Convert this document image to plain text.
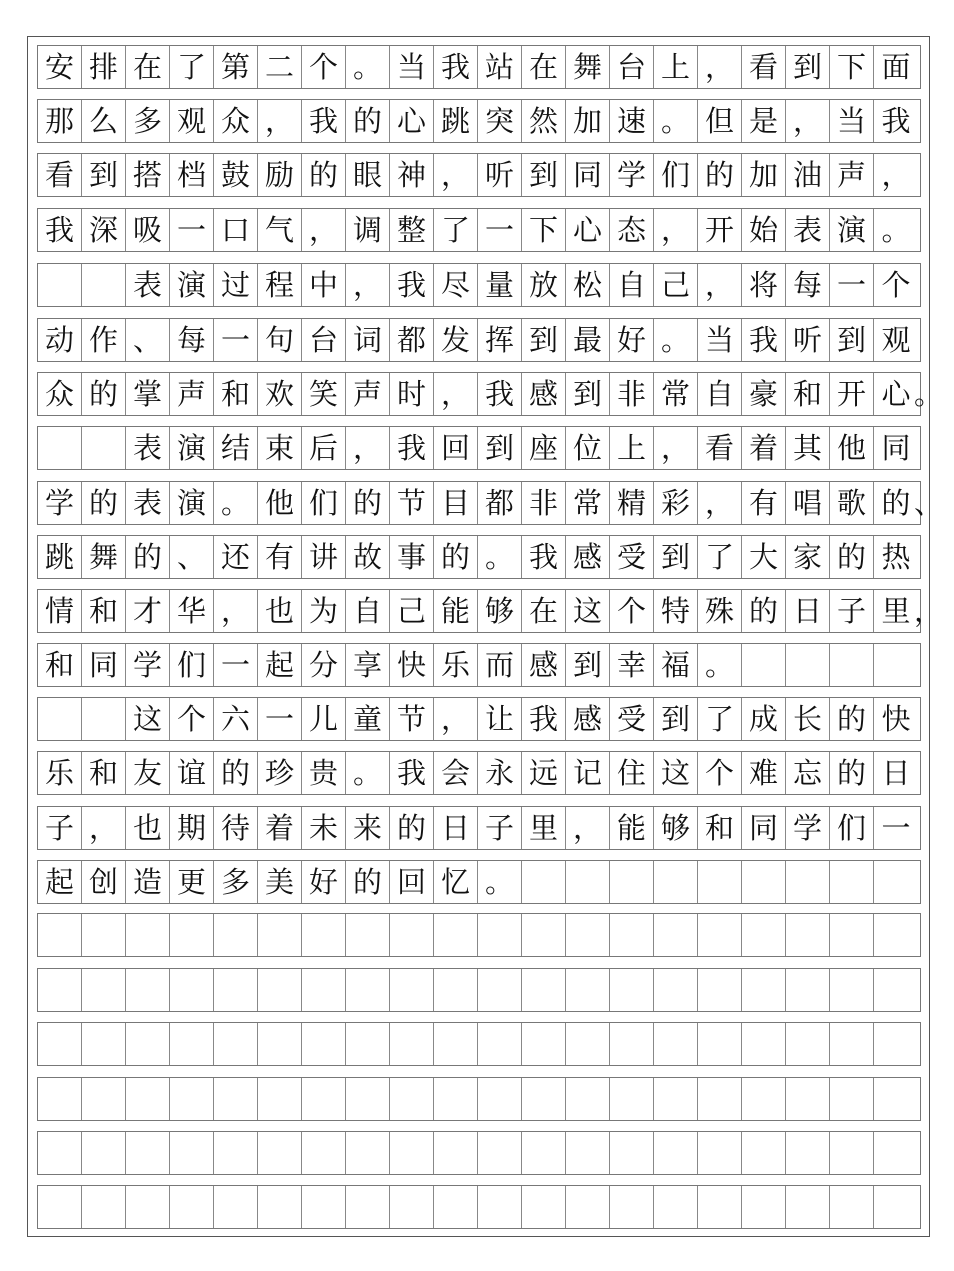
安 排 在 了 第 二 个 。 当 我 站 在 舞 台 上 ， 看 到 下 面
那 么 多 观 众 ， 我 的 心 跳 突 然 加 速 。 但 是 ， 当 我
看 到 搭 档 鼓 励 的 眼 神 ， 听 到 同 学 们 的 加 油 声 ，
我 深 吸 一 口 气 ， 调 整 了 一 下 心 态 ， 开 始 表 演 。
表 演 过 程 中 ， 我 尽 量 放 松 自 己 ， 将 每 一 个
动 作 、 每 一 句 台 词 都 发 挥 到 最 好 。 当 我 听 到 观
众 的 掌 声 和 欢 笑 声 时 ， 我 感 到 非 常 自 豪 和 开 心 。
表 演 结 束 后 ， 我 回 到 座 位 上 ， 看 着 其 他 同
学 的 表 演 。 他 们 的 节 目 都 非 常 精 彩 ， 有 唱 歌 的 、
跳 舞 的 、 还 有 讲 故 事 的 。 我 感 受 到 了 大 家 的 热
情 和 才 华 ， 也 为 自 己 能 够 在 这 个 特 殊 的 日 子 里 ，
和 同 学 们 一 起 分 享 快 乐 而 感 到 幸 福 。
这 个 六 一 儿 童 节 ， 让 我 感 受 到 了 成 长 的 快
乐 和 友 谊 的 珍 贵 。 我 会 永 远 记 住 这 个 难 忘 的 日
子 ， 也 期 待 着 未 来 的 日 子 里 ， 能 够 和 同 学 们 一
起 创 造 更 多 美 好 的 回 忆 。
